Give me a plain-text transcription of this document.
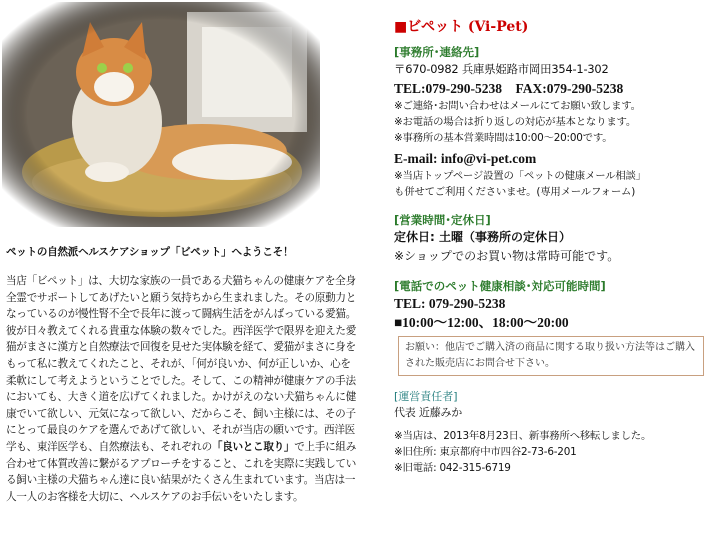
ペットの自然派ヘルスケアショップ「ビペット」へようこそ！

当店「ビペット」は、大切な家族の一員である犬猫ちゃんの健康ケアを全身全霊でサポートしてあげたいと願う気持ちから生まれました。その原動力となっているのが慢性腎不全で長年に渡って闘病生活をがんばっている愛猫。彼が日々教えてくれる貴重な体験の数々でした。西洋医学で限界を迎えた愛猫がまさに漢方と自然療法で回復を見せた実体験を経て、愛猫がまさに身をもって私に教えてくれたこと、それが、「何が良いか、何が正しいか、心を柔軟にして考えようということでした。そして、この精神が健康ケアの手法においても、大きく道を広げてくれました。かけがえのない犬猫ちゃんに健康でいて欲しい、元気になって欲しい、だからこそ、飼い主様には、その子にとって最良のケアを選んであげて欲しい、それが当店の願いです。西洋医学も、東洋医学も、自然療法も、それぞれの「良いとこ取り」で上手に組み合わせて体質改善に繋がるアプローチをすること、これを実際に実践している飼い主様の犬猫ちゃん達に良い結果がたくさん生まれています。当店は一人一人のお客様を大切に、ヘルスケアのお手伝いをいたします。

■ビペット (Vi-Pet)

[事務所･連絡先]

〒670-0982 兵庫県姫路市岡田354-1-302

TEL:079-290-5238　FAX:079-290-5238

※ご連絡･お問い合わせはメールにてお願い致します。

※お電話の場合は折り返しの対応が基本となります。

※事務所の基本営業時間は10:00～20:00です。

E-mail: info@vi-pet.com

※当店トップページ設置の「ペットの健康メール相談」

も併せてご利用くださいませ。(専用メールフォーム)

[営業時間･定休日]

定休日: 土曜（事務所の定休日）

※ショップでのお買い物は常時可能です。

[電話でのペット健康相談･対応可能時間]

TEL: 079-290-5238

■10:00～12:00、18:00～20:00

お願い：他店でご購入済の商品に関する取り扱い方法等はご購入された販売店にお問合せ下さい。

[運営責任者]

代表 近藤みか

※当店は、2013年8月23日、新事務所へ移転しました。

※旧住所: 東京都府中市四谷2-73-6-201

※旧電話: 042-315-6719
